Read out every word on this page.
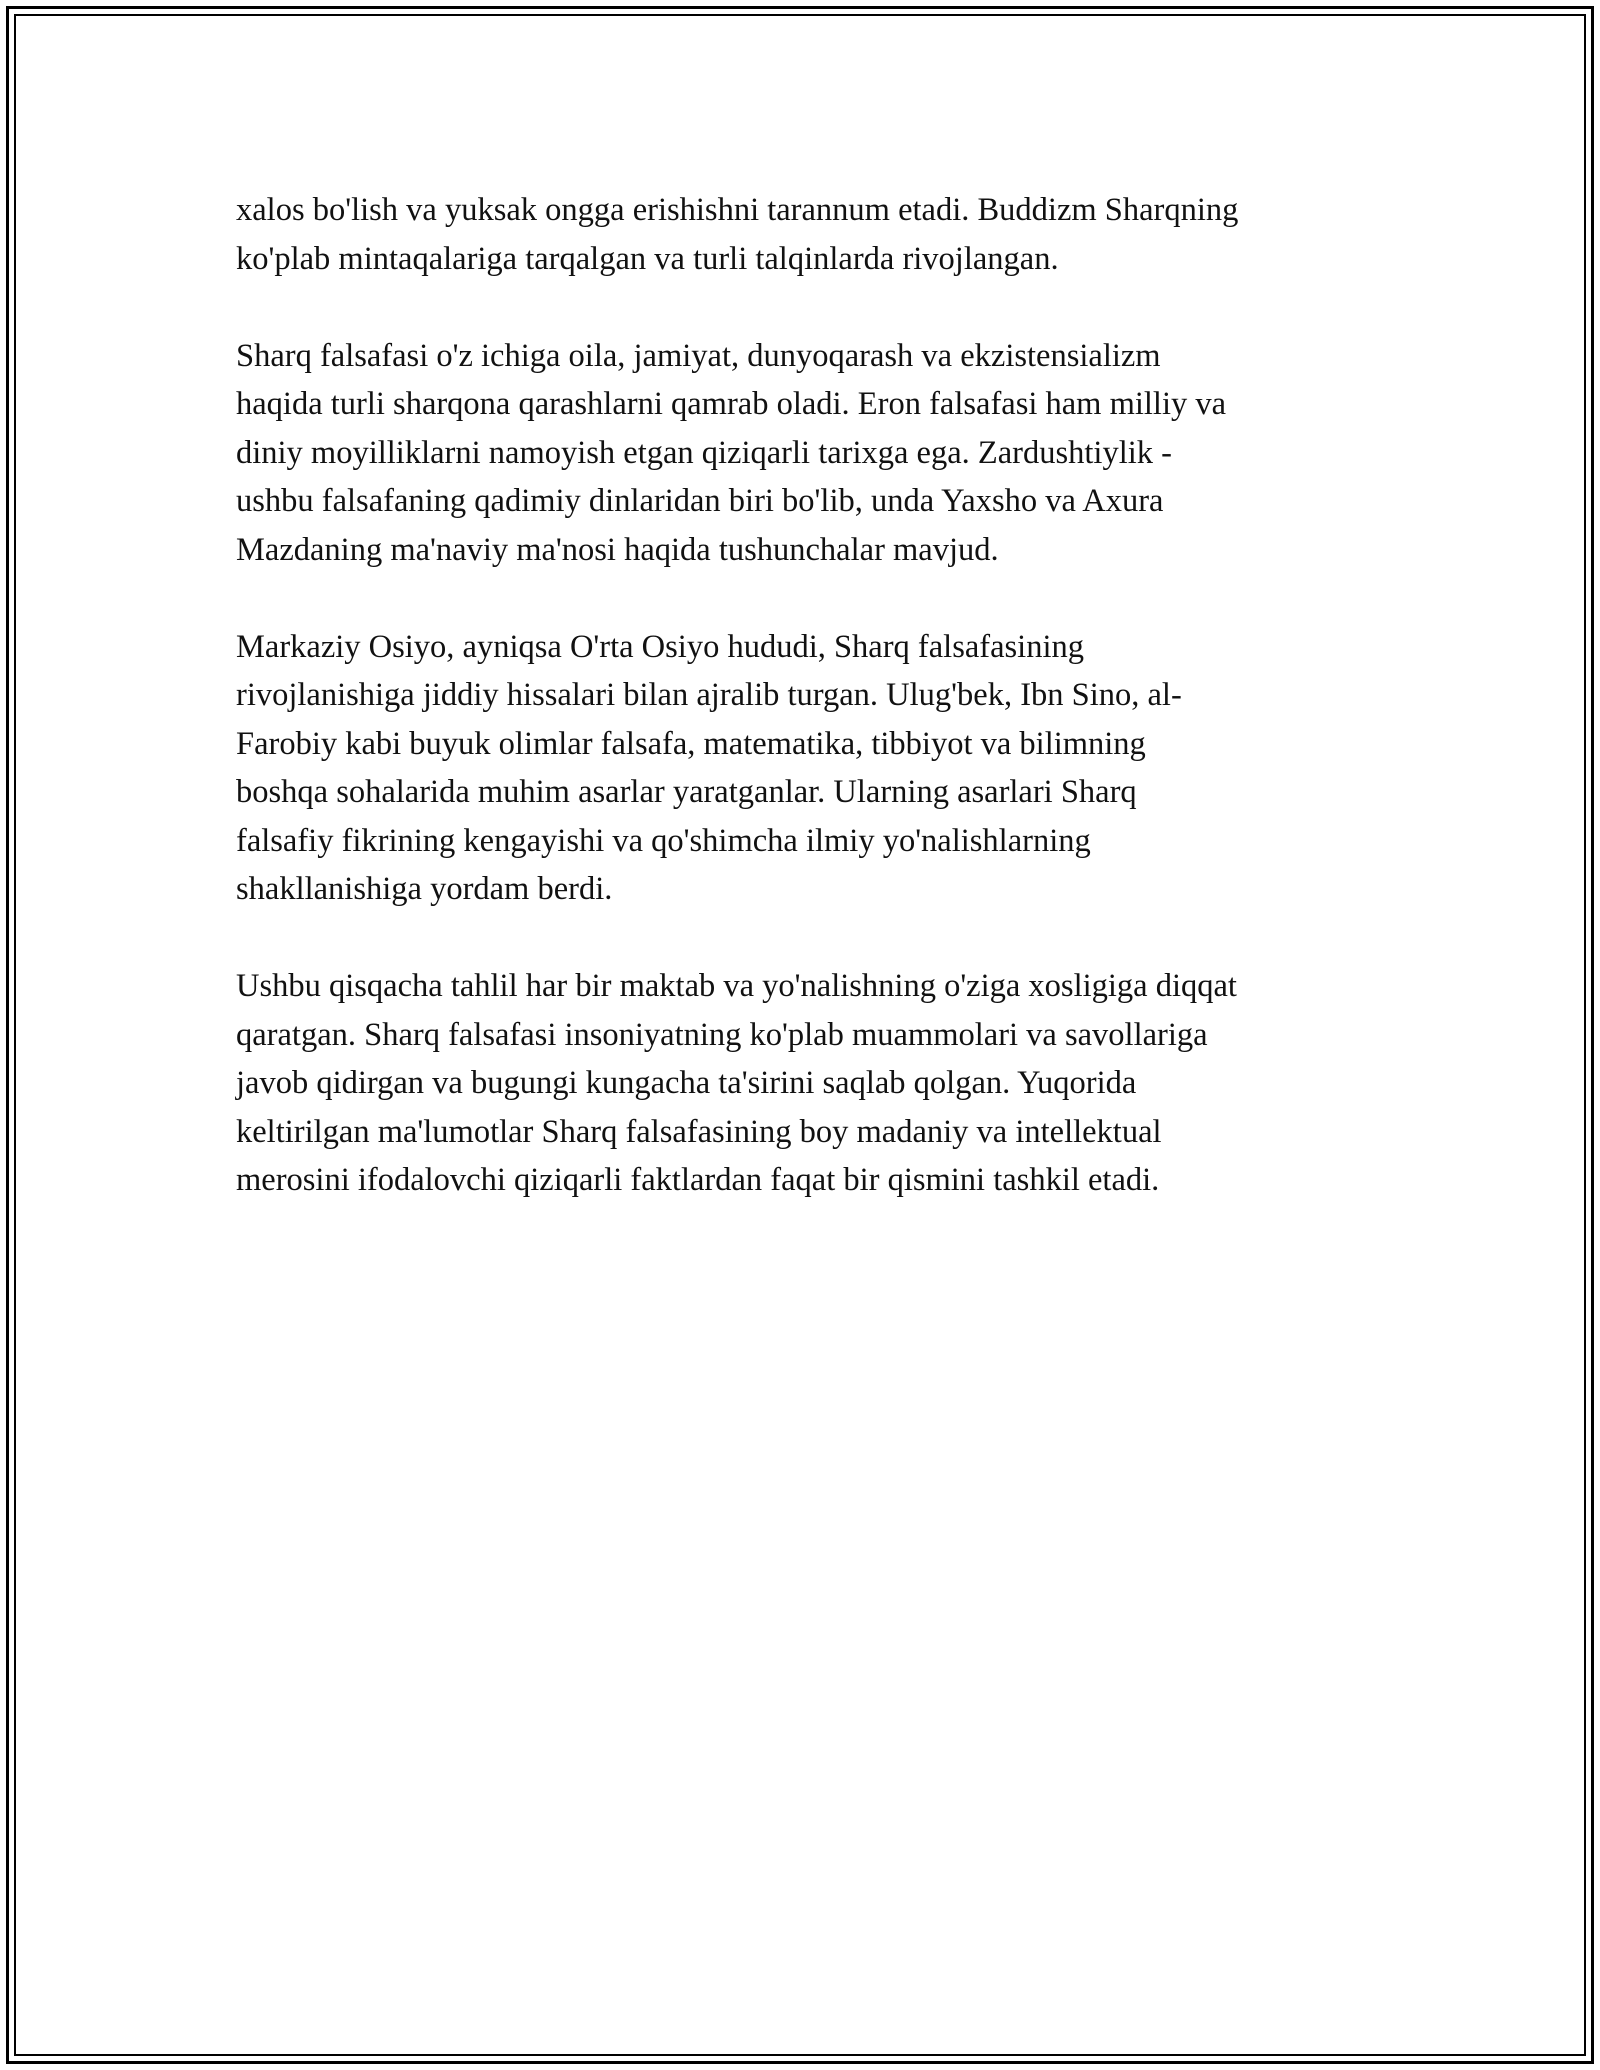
xalos bo'lish va yuksak ongga erishishni tarannum etadi. Buddizm Sharqning
ko'plab mintaqalariga tarqalgan va turli talqinlarda rivojlangan.

Sharq falsafasi o'z ichiga oila, jamiyat, dunyoqarash va ekzistensializm
haqida turli sharqona qarashlarni qamrab oladi. Eron falsafasi ham milliy va
diniy moyilliklarni namoyish etgan qiziqarli tarixga ega. Zardushtiylik -
ushbu falsafaning qadimiy dinlaridan biri bo'lib, unda Yaxsho va Axura
Mazdaning ma'naviy ma'nosi haqida tushunchalar mavjud.

Markaziy Osiyo, ayniqsa O'rta Osiyo hududi, Sharq falsafasining
rivojlanishiga jiddiy hissalari bilan ajralib turgan. Ulug'bek, Ibn Sino, al-
Farobiy kabi buyuk olimlar falsafa, matematika, tibbiyot va bilimning
boshqa sohalarida muhim asarlar yaratganlar. Ularning asarlari Sharq
falsafiy fikrining kengayishi va qo'shimcha ilmiy yo'nalishlarning
shakllanishiga yordam berdi.

Ushbu qisqacha tahlil har bir maktab va yo'nalishning o'ziga xosligiga diqqat
qaratgan. Sharq falsafasi insoniyatning ko'plab muammolari va savollariga
javob qidirgan va bugungi kungacha ta'sirini saqlab qolgan. Yuqorida
keltirilgan ma'lumotlar Sharq falsafasining boy madaniy va intellektual
merosini ifodalovchi qiziqarli faktlardan faqat bir qismini tashkil etadi.
